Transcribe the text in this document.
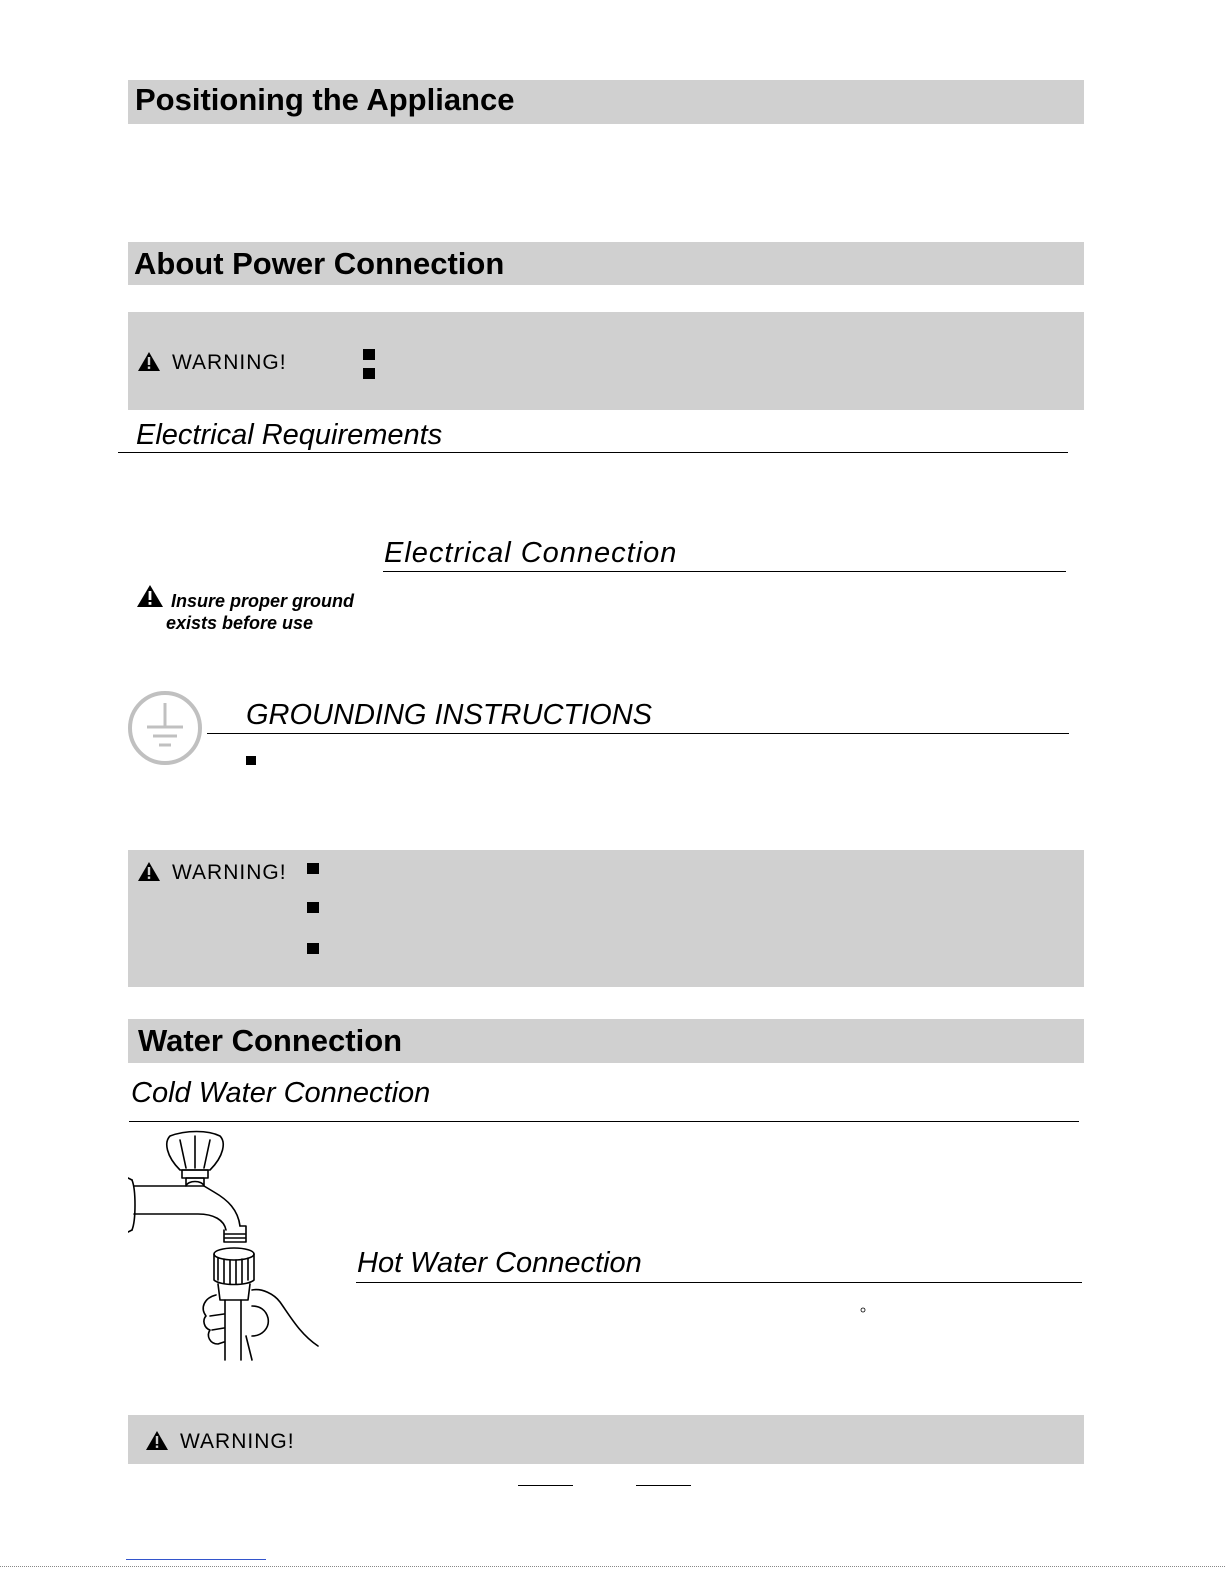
Positioning the Appliance
About Power Connection
WARNING!
Electrical Requirements
Electrical Connection
Insure proper ground
exists before use
GROUNDING INSTRUCTIONS
WARNING!
Water Connection
Cold Water Connection
Hot Water Connection
WARNING!
